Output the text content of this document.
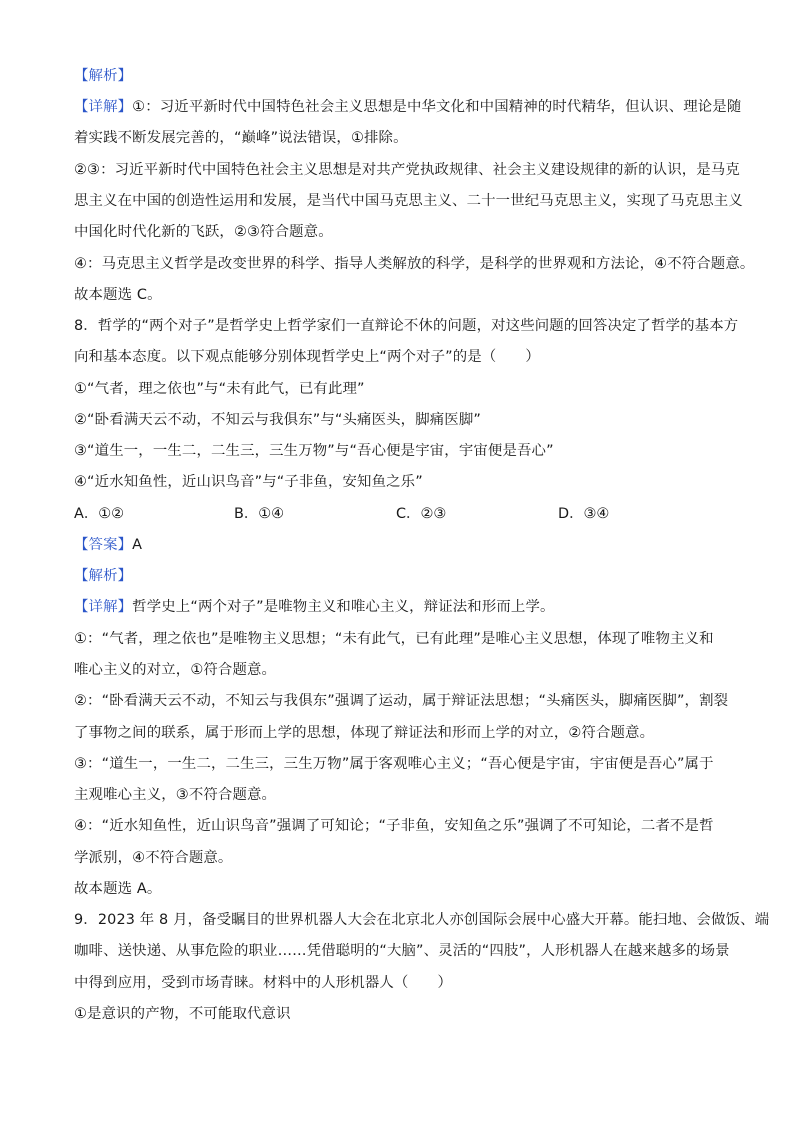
【解析】
【详解】①：习近平新时代中国特色社会主义思想是中华文化和中国精神的时代精华，但认识、理论是随
着实践不断发展完善的，“巅峰”说法错误，①排除。
②③：习近平新时代中国特色社会主义思想是对共产党执政规律、社会主义建设规律的新的认识，是马克
思主义在中国的创造性运用和发展，是当代中国马克思主义、二十一世纪马克思主义，实现了马克思主义
中国化时代化新的飞跃，②③符合题意。
④：马克思主义哲学是改变世界的科学、指导人类解放的科学，是科学的世界观和方法论，④不符合题意。
故本题选 C。
8．哲学的“两个对子”是哲学史上哲学家们一直辩论不休的问题，对这些问题的回答决定了哲学的基本方
向和基本态度。以下观点能够分别体现哲学史上“两个对子”的是（　　）
①“气者，理之依也”与“未有此气，已有此理”
②“卧看满天云不动，不知云与我俱东”与“头痛医头，脚痛医脚”
③“道生一，一生二，二生三，三生万物”与“吾心便是宇宙，宇宙便是吾心”
④“近水知鱼性，近山识鸟音”与“子非鱼，安知鱼之乐”
A．①②	B．①④	C．②③	D．③④
【答案】A
【解析】
【详解】哲学史上“两个对子”是唯物主义和唯心主义，辩证法和形而上学。
①：“气者，理之依也”是唯物主义思想；“未有此气，已有此理”是唯心主义思想，体现了唯物主义和
唯心主义的对立，①符合题意。
②：“卧看满天云不动，不知云与我俱东”强调了运动，属于辩证法思想；“头痛医头，脚痛医脚”，割裂
了事物之间的联系，属于形而上学的思想，体现了辩证法和形而上学的对立，②符合题意。
③：“道生一，一生二，二生三，三生万物”属于客观唯心主义；“吾心便是宇宙，宇宙便是吾心”属于
主观唯心主义，③不符合题意。
④：“近水知鱼性，近山识鸟音”强调了可知论；“子非鱼，安知鱼之乐”强调了不可知论，二者不是哲
学派别，④不符合题意。
故本题选 A。
9．2023 年 8 月，备受瞩目的世界机器人大会在北京北人亦创国际会展中心盛大开幕。能扫地、会做饭、端
咖啡、送快递、从事危险的职业……凭借聪明的“大脑”、灵活的“四肢”，人形机器人在越来越多的场景
中得到应用，受到市场青睐。材料中的人形机器人（　　）
①是意识的产物，不可能取代意识
